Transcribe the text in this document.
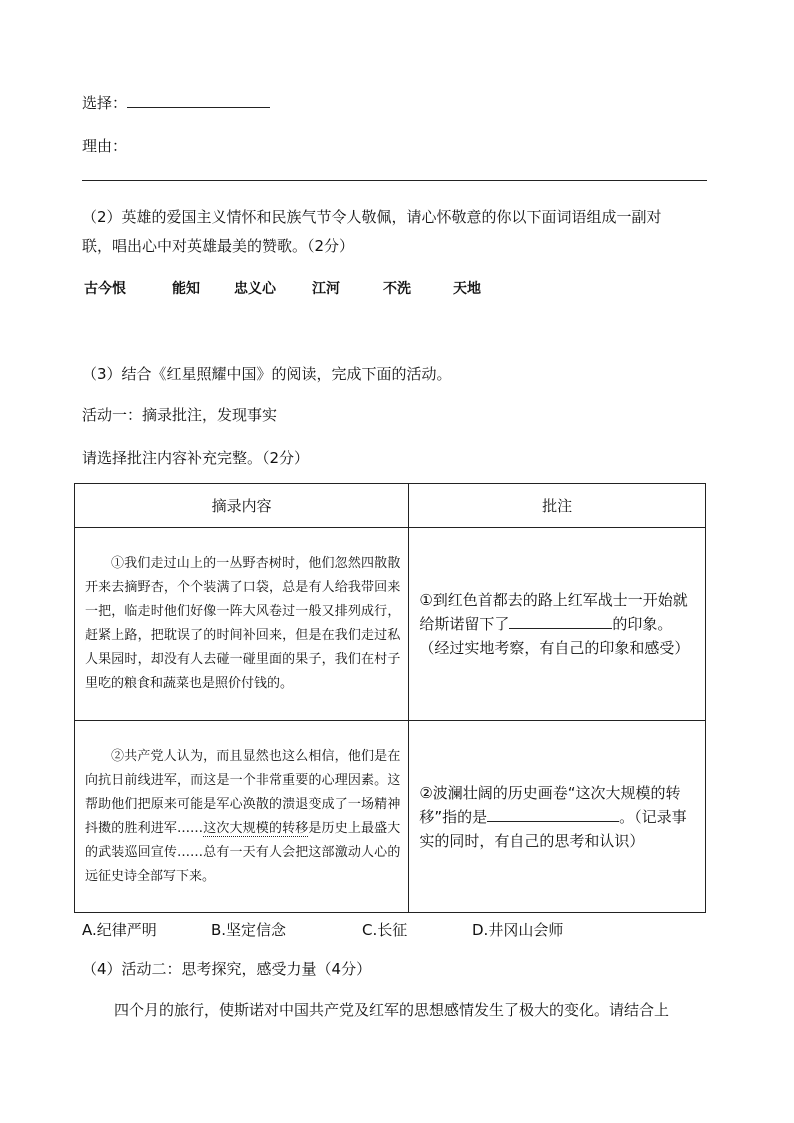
选择：
理由：
（2）英雄的爱国主义情怀和民族气节令人敬佩，请心怀敬意的你以下面词语组成一副对
联，唱出心中对英雄最美的赞歌。（2分）
古今恨	能知 忠义心	江河	不洗	天地
（3）结合《红星照耀中国》的阅读，完成下面的活动。
活动一：摘录批注，发现事实
请选择批注内容补充完整。（2分）
摘录内容	批注

①我们走过山上的一丛野杏树时，他们忽然四散散开来去摘野杏，个个装满了口袋，总是有人给我带回来一把，临走时他们好像一阵大风卷过一般又排列成行，赶紧上路，把耽误了的时间补回来，但是在我们走过私人果园时，却没有人去碰一碰里面的果子，我们在村子里吃的粮食和蔬菜也是照价付钱的。	①到红色首都去的路上红军战士一开始就给斯诺留下了 的印象。
（经过实地考察，有自己的印象和感受）

②共产党人认为，而且显然也这么相信，他们是在向抗日前线进军，而这是一个非常重要的心理因素。这帮助他们把原来可能是军心涣散的溃退变成了一场精神抖擞的胜利进军……这次大规模的转移是历史上最盛大的武装巡回宣传……总有一天有人会把这部激动人心的远征史诗全部写下来。	②波澜壮阔的历史画卷“这次大规模的转移”指的是 。（记录事实的同时，有自己的思考和认识）

A.纪律严明	B.坚定信念	C.长征	D.井冈山会师
（4）活动二：思考探究，感受力量（4分）
四个月的旅行，使斯诺对中国共产党及红军的思想感情发生了极大的变化。请结合上
